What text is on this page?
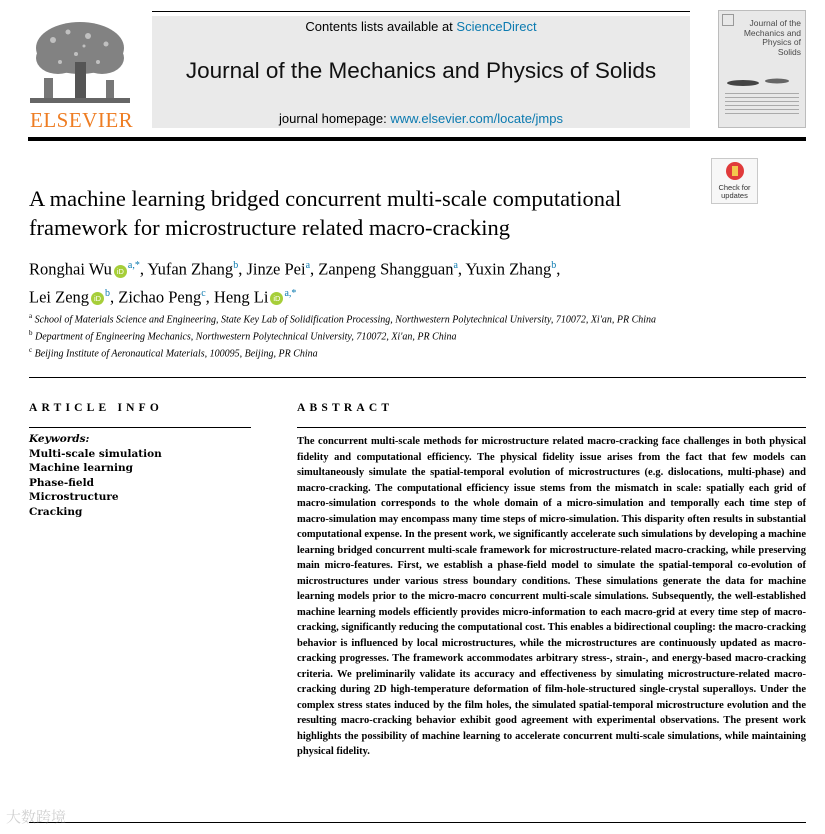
ELSEVIER
Contents lists available at ScienceDirect
Journal of the Mechanics and Physics of Solids
journal homepage: www.elsevier.com/locate/jmps
Journal of the Mechanics and Physics of Solids
Check for updates
A machine learning bridged concurrent multi-scale computational framework for microstructure related macro-cracking
Ronghai Wu iD $^{a,*}$, Yufan Zhang$^b$, Jinze Pei$^a$, Zanpeng Shangguan$^a$, Yuxin Zhang$^b$,
Lei Zeng iD $^b$, Zichao Peng$^c$, Heng Li iD $^{a,*}$
$^a$ School of Materials Science and Engineering, State Key Lab of Solidification Processing, Northwestern Polytechnical University, 710072, Xi'an, PR China
$^b$ Department of Engineering Mechanics, Northwestern Polytechnical University, 710072, Xi'an, PR China
$^c$ Beijing Institute of Aeronautical Materials, 100095, Beijing, PR China
ARTICLE INFO
Keywords:
Multi-scale simulation
Machine learning
Phase-field
Microstructure
Cracking
ABSTRACT
The concurrent multi-scale methods for microstructure related macro-cracking face challenges in both physical fidelity and computational efficiency. The physical fidelity issue arises from the fact that few models can simultaneously simulate the spatial-temporal evolution of microstructures (e.g. dislocations, multi-phase) and macro-cracking. The computational efficiency issue stems from the mismatch in scale: spatially each grid of macro-simulation corresponds to the whole domain of a micro-simulation and temporally each time step of macro-simulation may encompass many time steps of micro-simulation. This disparity often results in substantial computational expense. In the present work, we significantly accelerate such simulations by developing a machine learning bridged concurrent multi-scale framework for microstructure-related macro-cracking, while preserving main micro-features. First, we establish a phase-field model to simulate the spatial-temporal co-evolution of microstructures under various stress boundary conditions. These simulations generate the data for machine learning models prior to the micro-macro concurrent multi-scale simulations. Subsequently, the well-established machine learning models efficiently provides micro-information to each macro-grid at every time step of macro-cracking, significantly reducing the computational cost. This enables a bidirectional coupling: the macro-cracking behavior is influenced by local microstructures, while the microstructures are continuously updated as macro-cracking progresses. The framework accommodates arbitrary stress-, strain-, and energy-based macro-cracking criteria. We preliminarily validate its accuracy and effectiveness by simulating microstructure-related macro-cracking during 2D high-temperature deformation of film-hole-structured single-crystal superalloys. Under the complex stress states induced by the film holes, the simulated spatial-temporal microstructure evolution and the resulting macro-cracking behavior exhibit good agreement with experimental observations. The present work highlights the possibility of machine learning to accelerate concurrent multi-scale simulations, while maintaining physical fidelity.
大数跨境
